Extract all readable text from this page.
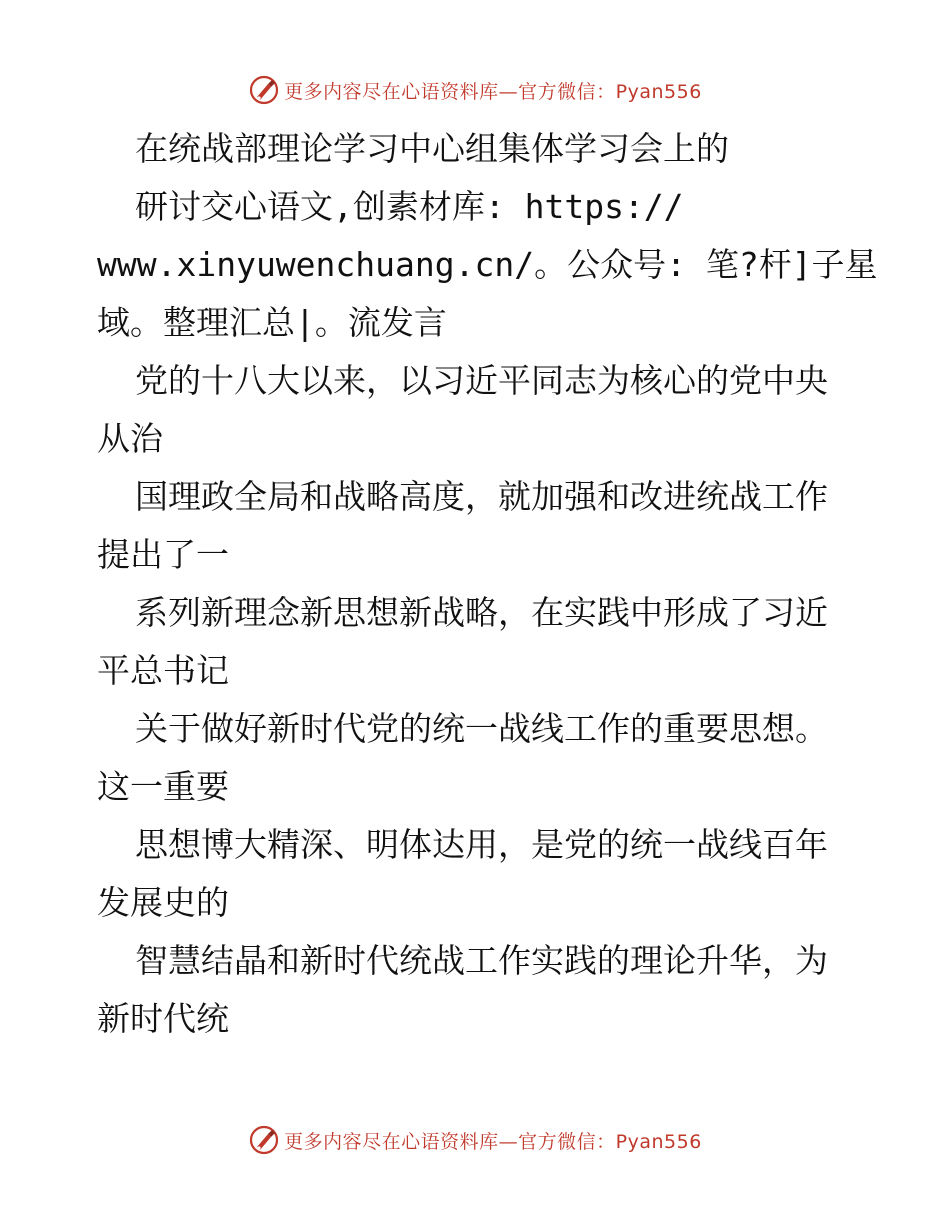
更多内容尽在心语资料库—官方微信：Pyan556
在统战部理论学习中心组集体学习会上的
研讨交心语文,创素材库: https://
www.xinyuwenchuang.cn/。公众号: 笔?杆]子星
域。整理汇总|。流发言
党的十八大以来，以习近平同志为核心的党中央
从治
国理政全局和战略高度，就加强和改进统战工作
提出了一
系列新理念新思想新战略，在实践中形成了习近
平总书记
关于做好新时代党的统一战线工作的重要思想。
这一重要
思想博大精深、明体达用，是党的统一战线百年
发展史的
智慧结晶和新时代统战工作实践的理论升华，为
新时代统
更多内容尽在心语资料库—官方微信：Pyan556
